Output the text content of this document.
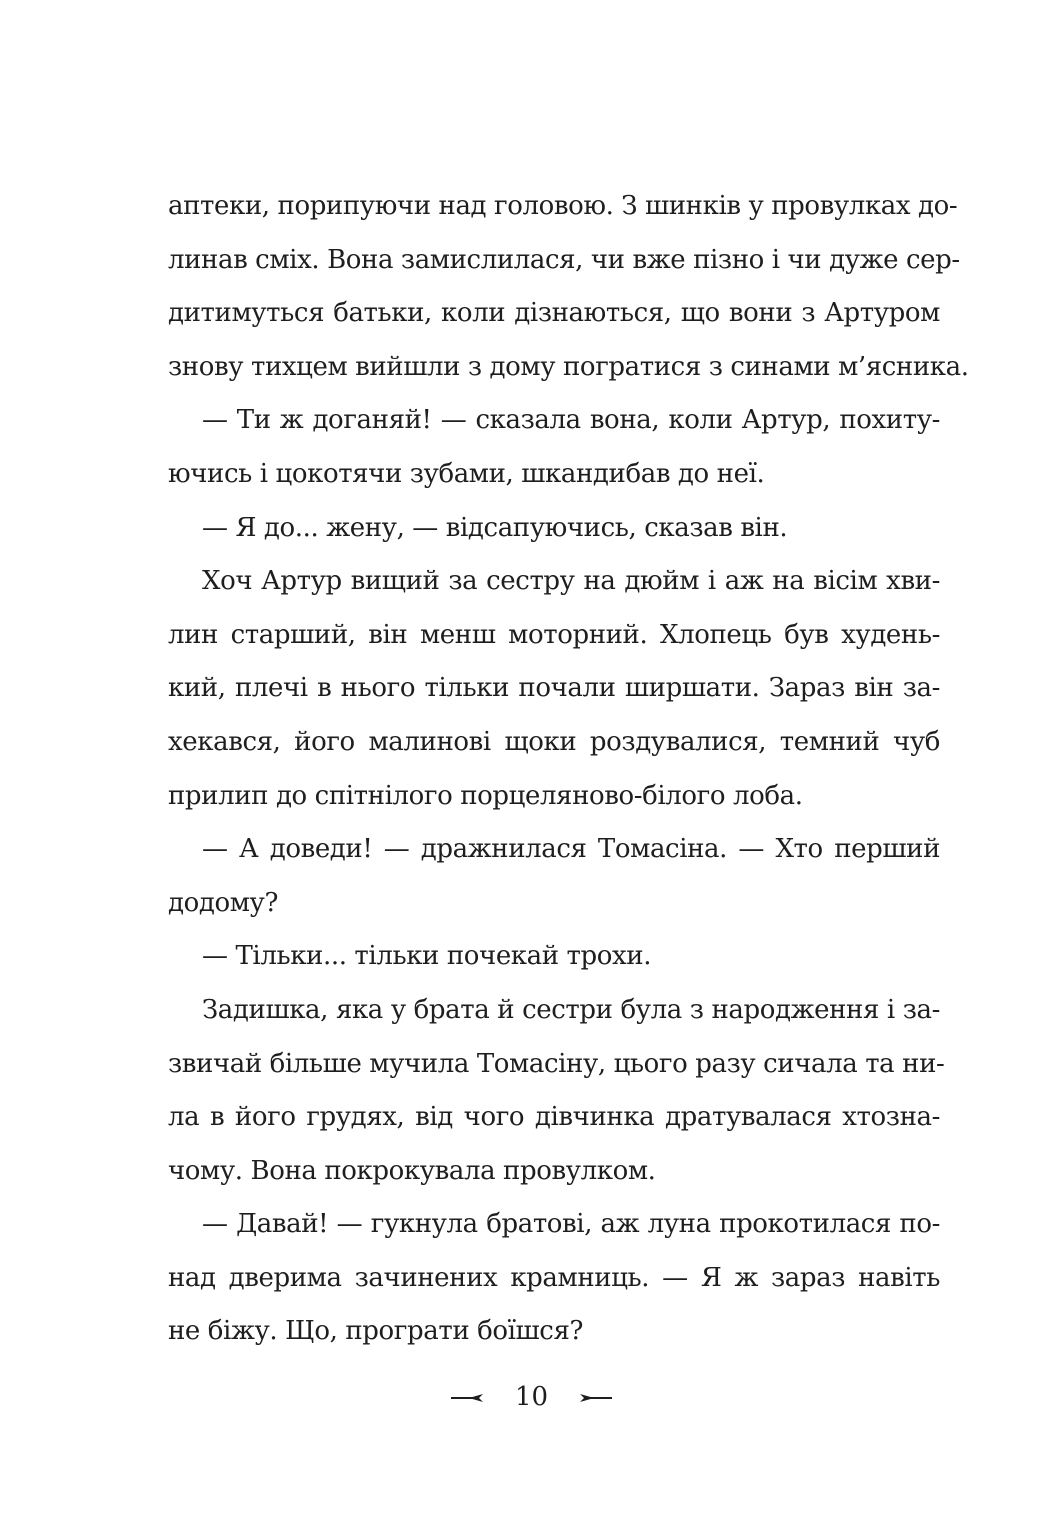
аптеки, порипуючи над головою. З шинків у провулках до-
линав сміх. Вона замислилася, чи вже пізно і чи дуже сер-
дитимуться батьки, коли дізнаються, що вони з Артуром
знову тихцем вийшли з дому погратися з синами м’ясника.
— Ти ж доганяй! — сказала вона, коли Артур, похиту-
ючись і цокотячи зубами, шкандибав до неї.
— Я до... жену, — відсапуючись, сказав він.
Хоч Артур вищий за сестру на дюйм і аж на вісім хви-
лин старший, він менш моторний. Хлопець був худень-
кий, плечі в нього тільки почали ширшати. Зараз він за-
хекався, його малинові щоки роздувалися, темний чуб
прилип до спітнілого порцеляново-білого лоба.
— А доведи! — дражнилася Томасіна. — Хто перший
додому?
— Тільки... тільки почекай трохи.
Задишка, яка у брата й сестри була з народження і за-
звичай більше мучила Томасіну, цього разу сичала та ни-
ла в його грудях, від чого дівчинка дратувалася хтозна-
чому. Вона покрокувала провулком.
— Давай! — гукнула братові, аж луна прокотилася по-
над дверима зачинених крамниць. — Я ж зараз навіть
не біжу. Що, програти боїшся?
10
